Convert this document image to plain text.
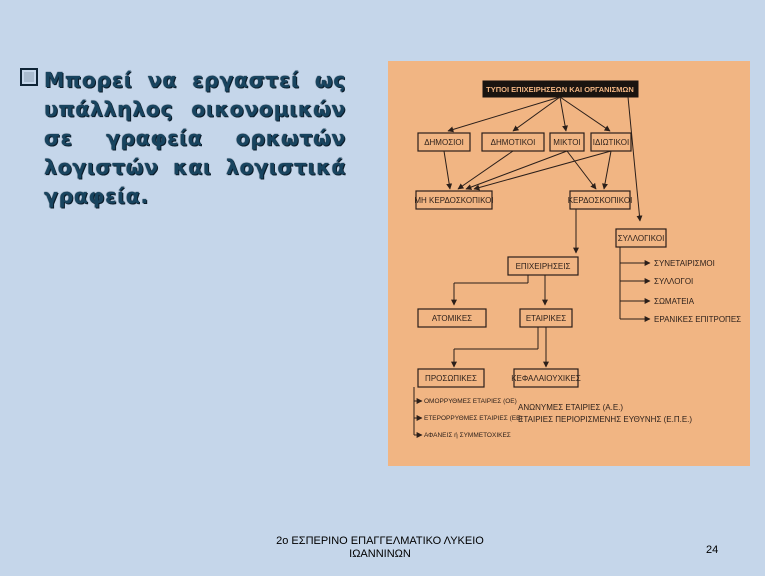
Μπορεί να εργαστεί ως υπάλληλος οικονομικών σε γραφεία ορκωτών λογιστών και λογιστικά γραφεία.
ΤΥΠΟΙ ΕΠΙΧΕΙΡΗΣΕΩΝ ΚΑΙ ΟΡΓΑΝΙΣΜΩΝ
ΔΗΜΟΣΙΟΙ	ΔΗΜΟΤΙΚΟΙ ΜΙΚΤΟΙ ΙΔΙΩΤΙΚΟΙ
ΜΗ ΚΕΡΔΟΣΚΟΠΙΚΟΙ	ΚΕΡΔΟΣΚΟΠΙΚΟΙ
ΣΥΛΛΟΓΙΚΟΙ
ΣΥΝΕΤΑΙΡΙΣΜΟΙ
ΣΥΛΛΟΓΟΙ
ΣΩΜΑΤΕΙΑ
ΕΡΑΝΙΚΕΣ ΕΠΙΤΡΟΠΕΣ
ΕΠΙΧΕΙΡΗΣΕΙΣ
ΑΤΟΜΙΚΕΣ	ΕΤΑΙΡΙΚΕΣ
ΠΡΟΣΩΠΙΚΕΣ	ΚΕΦΑΛΑΙΟΥΧΙΚΕΣ
ΟΜΟΡΡΥΘΜΕΣ ΕΤΑΙΡΙΕΣ (ΟΕ)
ΕΤΕΡΟΡΡΥΘΜΕΣ ΕΤΑΙΡΙΕΣ (ΕΕ)
ΑΦΑΝΕΙΣ ή ΣΥΜΜΕΤΟΧΙΚΕΣ
ΑΝΩΝΥΜΕΣ ΕΤΑΙΡΙΕΣ (Α.Ε.)
ΕΤΑΙΡΙΕΣ ΠΕΡΙΟΡΙΣΜΕΝΗΣ ΕΥΘΥΝΗΣ (Ε.Π.Ε.)
2ο ΕΣΠΕΡΙΝΟ ΕΠΑΓΓΕΛΜΑΤΙΚΟ ΛΥΚΕΙΟ
ΙΩΑΝΝΙΝΩΝ	24
